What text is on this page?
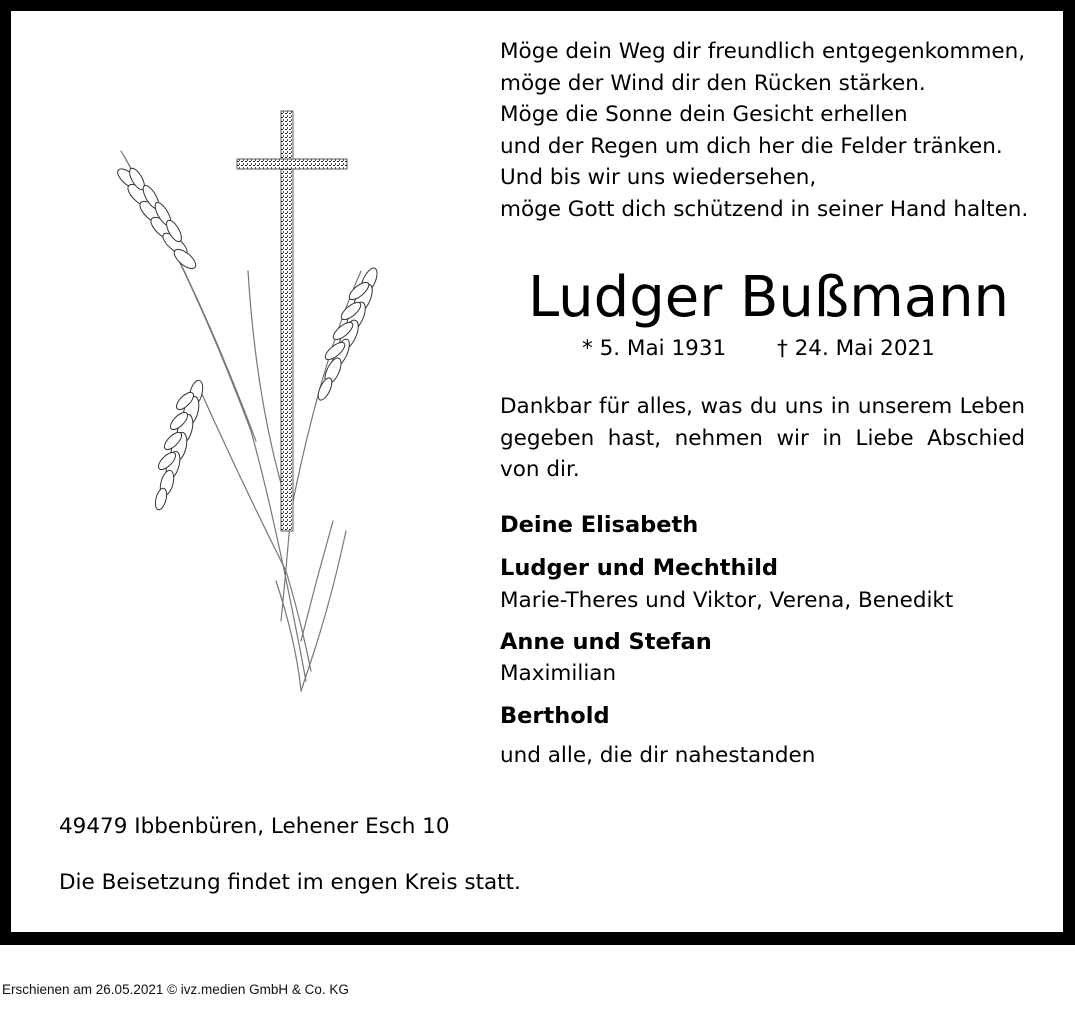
Möge dein Weg dir freundlich entgegenkommen,
möge der Wind dir den Rücken stärken.
Möge die Sonne dein Gesicht erhellen
und der Regen um dich her die Felder tränken.
Und bis wir uns wiedersehen,
möge Gott dich schützend in seiner Hand halten.
Ludger Bußmann
* 5. Mai 1931 † 24. Mai 2021
Dankbar für alles, was du uns in unserem Leben gegeben hast, nehmen wir in Liebe Abschied von dir.
Deine Elisabeth
Ludger und Mechthild
Marie-Theres und Viktor, Verena, Benedikt
Anne und Stefan
Maximilian
Berthold
und alle, die dir nahestanden
49479 Ibbenbüren, Lehener Esch 10
Die Beisetzung findet im engen Kreis statt.
Erschienen am 26.05.2021 © ivz.medien GmbH & Co. KG
